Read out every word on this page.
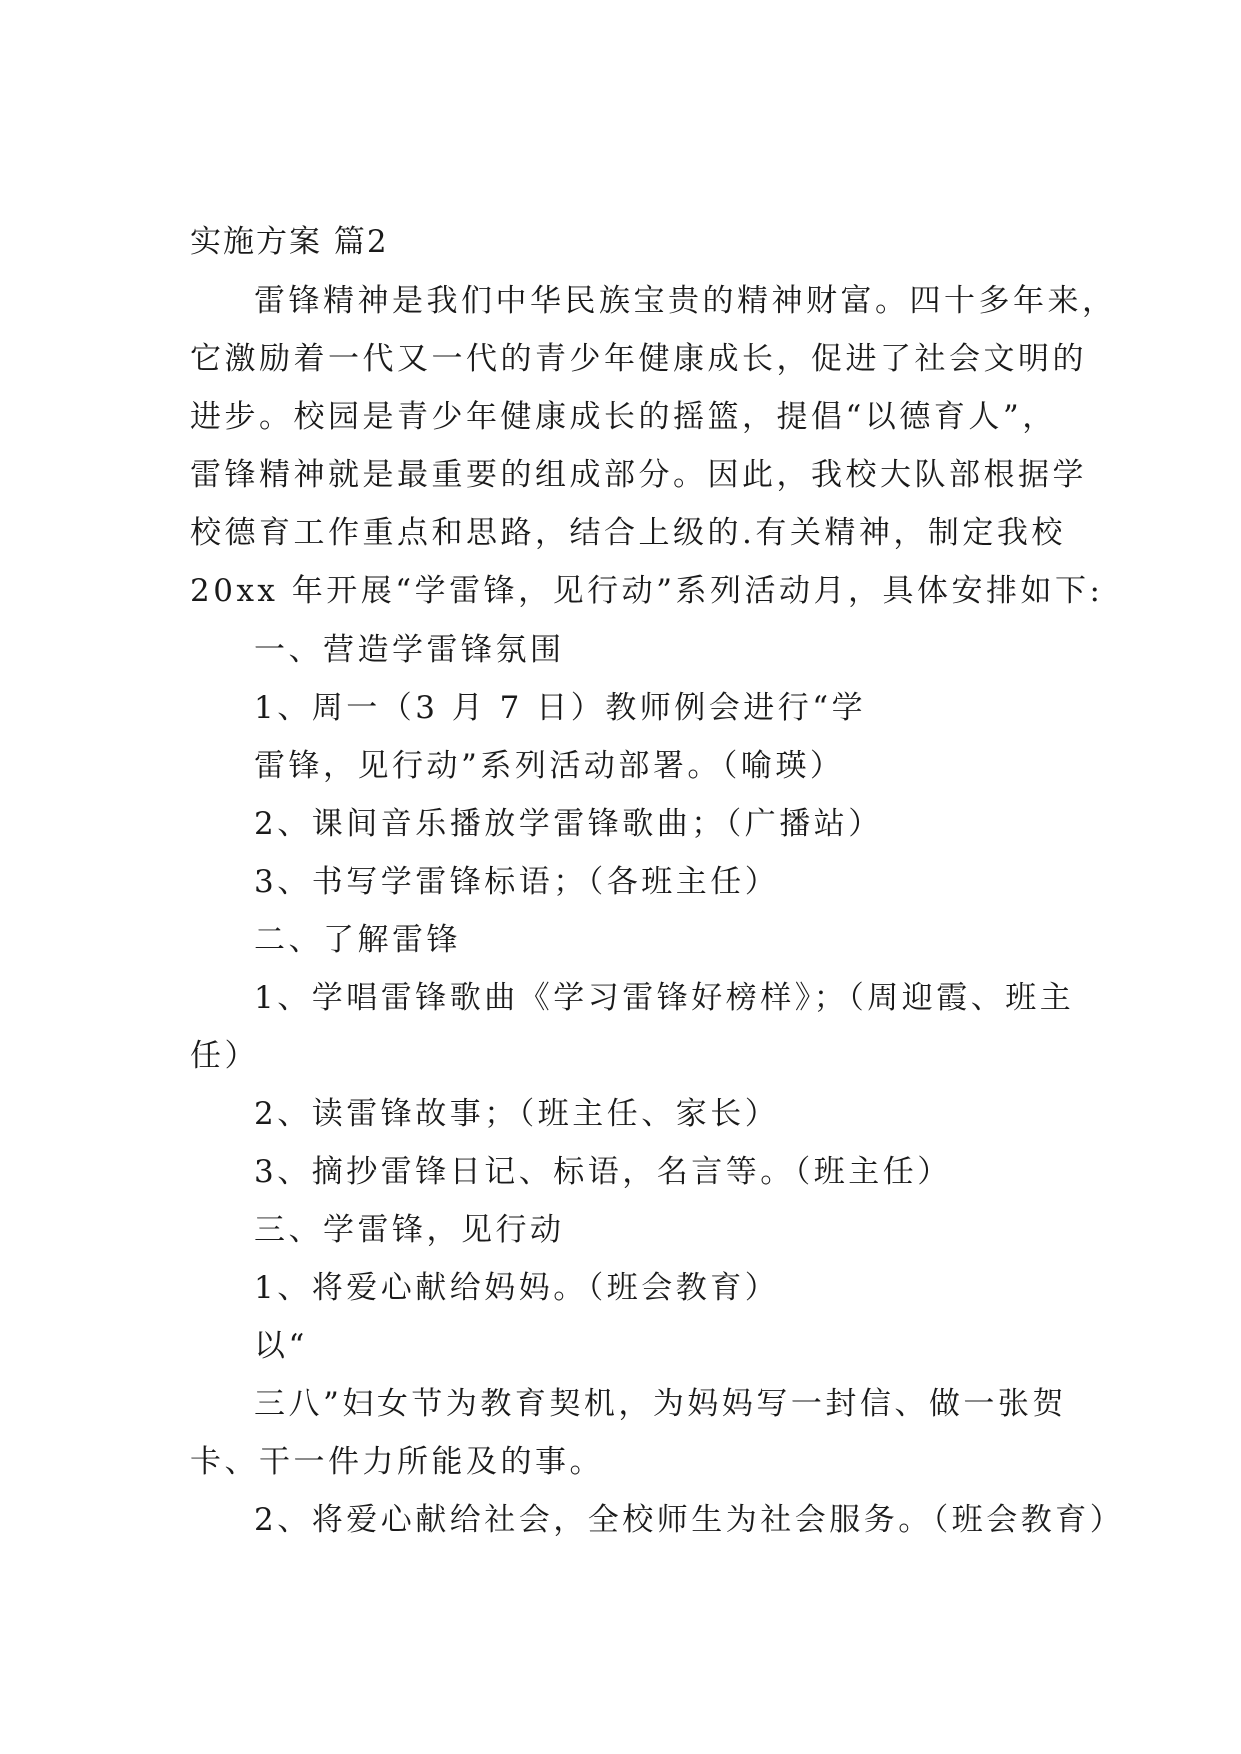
实施方案 篇2
雷锋精神是我们中华民族宝贵的精神财富。四十多年来，
它激励着一代又一代的青少年健康成长，促进了社会文明的
进步。校园是青少年健康成长的摇篮，提倡“以德育人”，
雷锋精神就是最重要的组成部分。因此，我校大队部根据学
校德育工作重点和思路，结合上级的.有关精神，制定我校
20xx 年开展“学雷锋，见行动”系列活动月，具体安排如下:
一、营造学雷锋氛围
1、周一（3 月 7 日）教师例会进行“学
雷锋，见行动”系列活动部署。（喻瑛）
2、课间音乐播放学雷锋歌曲；（广播站）
3、书写学雷锋标语；（各班主任）
二、了解雷锋
1、学唱雷锋歌曲《学习雷锋好榜样》；（周迎霞、班主
任）
2、读雷锋故事；（班主任、家长）
3、摘抄雷锋日记、标语，名言等。（班主任）
三、学雷锋，见行动
1、将爱心献给妈妈。（班会教育）
以“
三八”妇女节为教育契机，为妈妈写一封信、做一张贺
卡、干一件力所能及的事。
2、将爱心献给社会，全校师生为社会服务。（班会教育）
